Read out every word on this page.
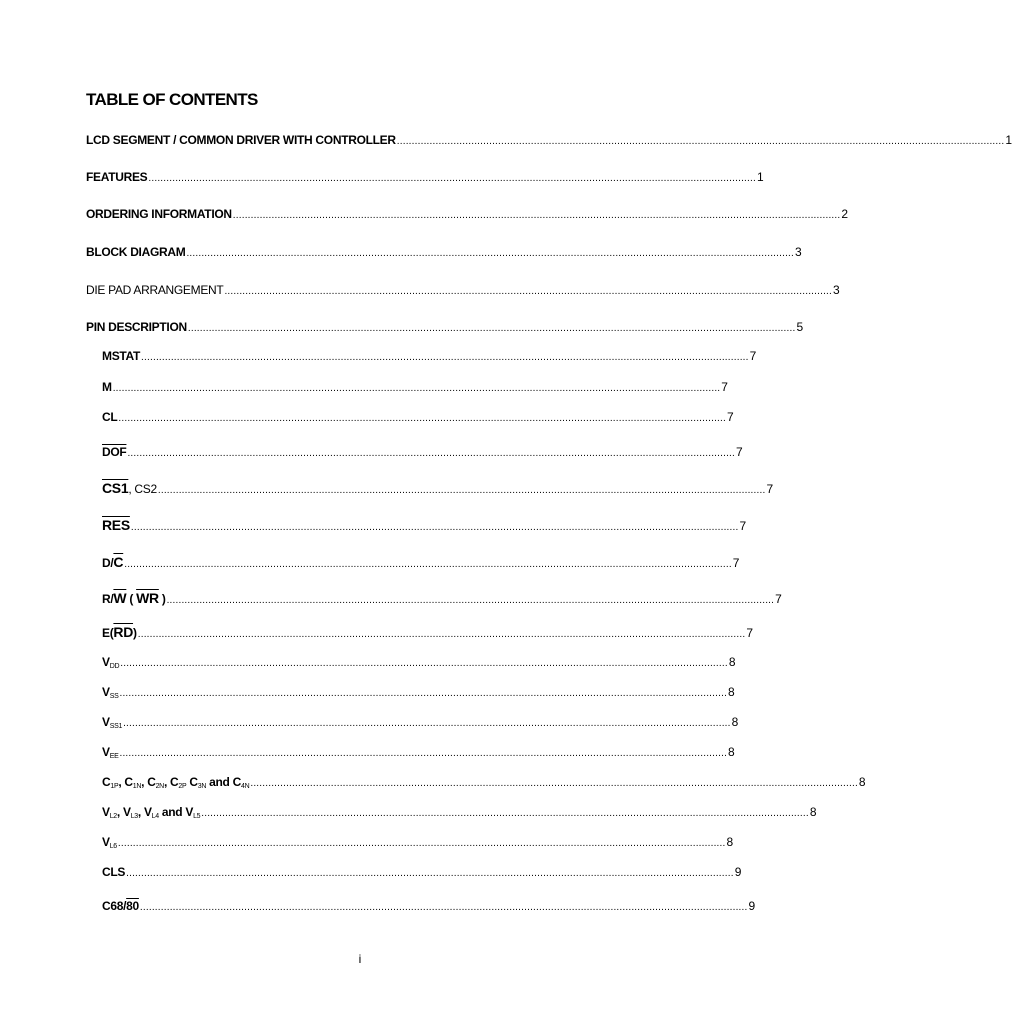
TABLE OF CONTENTS
LCD SEGMENT / COMMON DRIVER WITH CONTROLLER ............................................................................................................................................................................................................ 1
FEATURES ............................................................................................................................................................................................................ 1
ORDERING INFORMATION ............................................................................................................................................................................................................ 2
BLOCK DIAGRAM ............................................................................................................................................................................................................ 3
DIE PAD ARRANGEMENT ............................................................................................................................................................................................................ 3
PIN DESCRIPTION ............................................................................................................................................................................................................ 5
MSTAT ............................................................................................................................................................................................................ 7
M ............................................................................................................................................................................................................ 7
CL ............................................................................................................................................................................................................ 7
$\overline{DOF}$ ............................................................................................................................................................................................................ 7
CS1, CS2 ............................................................................................................................................................................................................ 7
$\overline{RES}$ ............................................................................................................................................................................................................ 7
$D/\overline{C}$ ............................................................................................................................................................................................................ 7
$R/\overline{W}$ ( $\overline{WR}$ ) ............................................................................................................................................................................................................ 7
$E(\overline{RD})$ ............................................................................................................................................................................................................ 7
$V_{DD}$ ............................................................................................................................................................................................................ 8
$V_{SS}$ ............................................................................................................................................................................................................ 8
$V_{SS1}$ ............................................................................................................................................................................................................ 8
$V_{EE}$ ............................................................................................................................................................................................................ 8
$C_{1P}$, $C_{1N}$, $C_{2N}$, $C_{2P}$ $C_{3N}$ and $C_{4N}$ ............................................................................................................................................................................................................ 8
$V_{L2}$, $V_{L3}$, $V_{L4}$ and $V_{L5}$ ............................................................................................................................................................................................................ 8
$V_{L6}$ ............................................................................................................................................................................................................ 8
CLS ............................................................................................................................................................................................................ 9
C68/80 ............................................................................................................................................................................................................ 9
i
